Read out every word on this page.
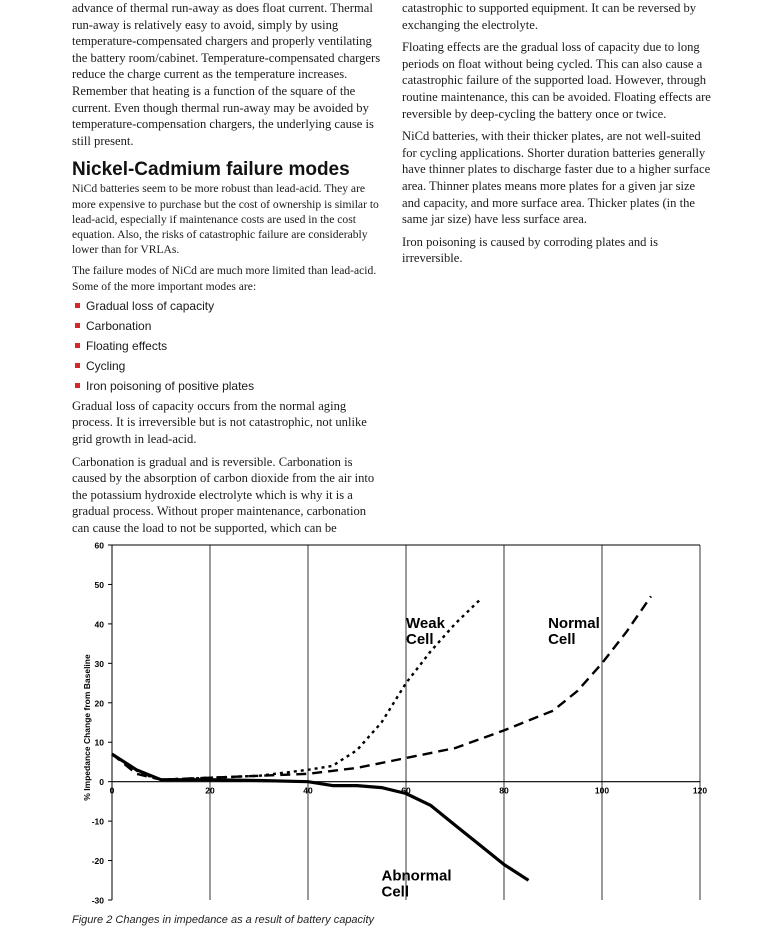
advance of thermal run-away as does float current. Thermal run-away is relatively easy to avoid, simply by using temperature-compensated chargers and properly ventilating the battery room/cabinet. Temperature-compensated chargers reduce the charge current as the temperature increases. Remember that heating is a function of the square of the current. Even though thermal run-away may be avoided by temperature-compensation chargers, the underlying cause is still present.

Nickel-Cadmium failure modes

NiCd batteries seem to be more robust than lead-acid. They are more expensive to purchase but the cost of ownership is similar to lead-acid, especially if maintenance costs are used in the cost equation. Also, the risks of catastrophic failure are considerably lower than for VRLAs.

The failure modes of NiCd are much more limited than lead-acid. Some of the more important modes are:

Gradual loss of capacity
Carbonation
Floating effects
Cycling
Iron poisoning of positive plates

Gradual loss of capacity occurs from the normal aging process. It is irreversible but is not catastrophic, not unlike grid growth in lead-acid.

Carbonation is gradual and is reversible. Carbonation is caused by the absorption of carbon dioxide from the air into the potassium hydroxide electrolyte which is why it is a gradual process. Without proper maintenance, carbonation can cause the load to not be supported, which can be

catastrophic to supported equipment. It can be reversed by exchanging the electrolyte.

Floating effects are the gradual loss of capacity due to long periods on float without being cycled. This can also cause a catastrophic failure of the supported load. However, through routine maintenance, this can be avoided. Floating effects are reversible by deep-cycling the battery once or twice.

NiCd batteries, with their thicker plates, are not well-suited for cycling applications. Shorter duration batteries generally have thinner plates to discharge faster due to a higher surface area. Thinner plates means more plates for a given jar size and capacity, and more surface area. Thicker plates (in the same jar size) have less surface area.

Iron poisoning is caused by corroding plates and is irreversible.

60
50
40
30
20
10
0
-10
-20
-30
0	20	40	60	80	100	120
% Impedance Change from Baseline
Weak
Cell
Normal
Cell
Abnormal
Cell
Figure 2 Changes in impedance as a result of battery capacity
